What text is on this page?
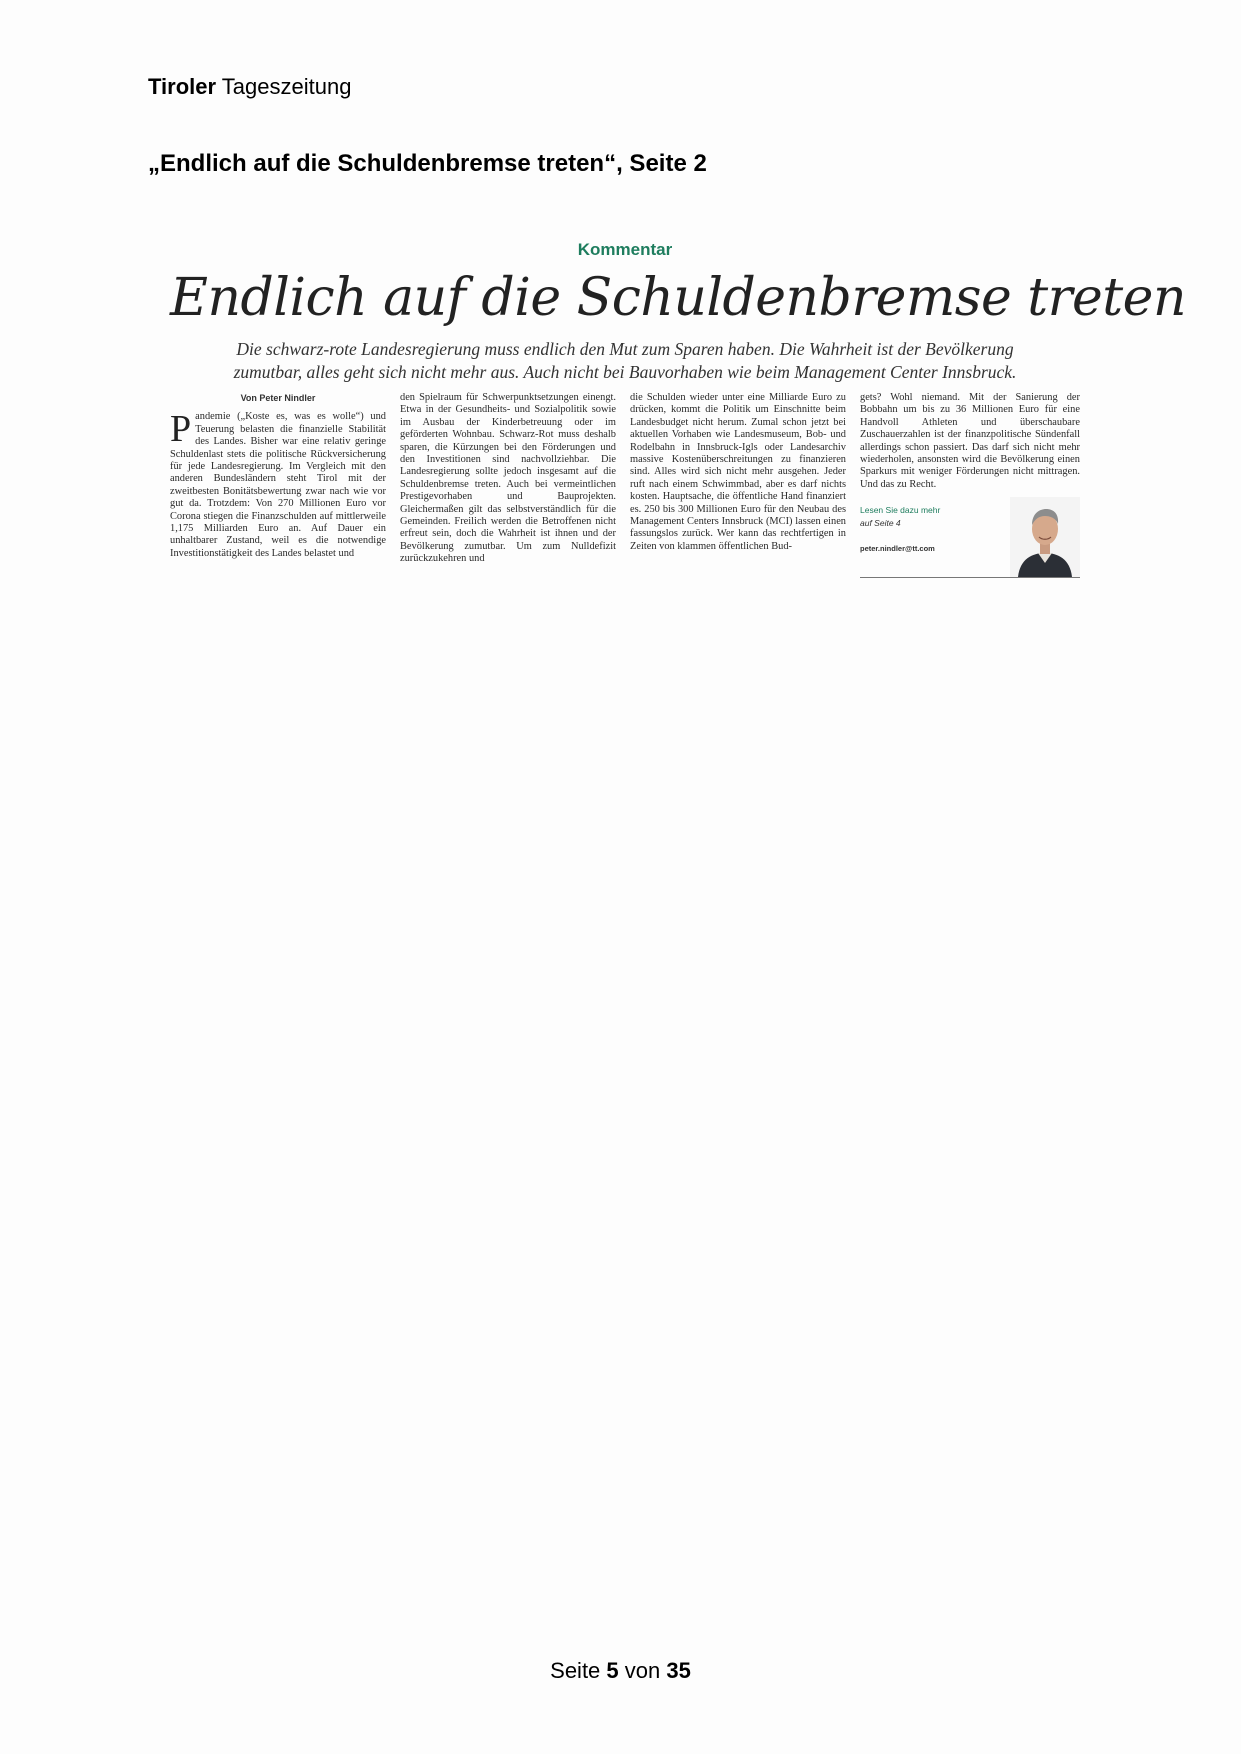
Tiroler Tageszeitung
„Endlich auf die Schuldenbremse treten“, Seite 2
Kommentar
Endlich auf die Schuldenbremse treten
Die schwarz-rote Landesregierung muss endlich den Mut zum Sparen haben. Die Wahrheit ist der Bevölkerung zumutbar, alles geht sich nicht mehr aus. Auch nicht bei Bauvorhaben wie beim Management Center Innsbruck.
Von Peter Nindler

Pandemie („Koste es, was es wolle“) und Teuerung belasten die finanzielle Stabilität des Landes. Bisher war eine relativ geringe Schuldenlast stets die politische Rückversicherung für jede Landesregierung. Im Vergleich mit den anderen Bundesländern steht Tirol mit der zweitbesten Bonitätsbewertung zwar nach wie vor gut da. Trotzdem: Von 270 Millionen Euro vor Corona stiegen die Finanzschulden auf mittlerweile 1,175 Milliarden Euro an. Auf Dauer ein unhaltbarer Zustand, weil es die notwendige Investitionstätigkeit des Landes belastet und

den Spielraum für Schwerpunktsetzungen einengt. Etwa in der Gesundheits- und Sozialpolitik sowie im Ausbau der Kinderbetreuung oder im geförderten Wohnbau. Schwarz-Rot muss deshalb sparen, die Kürzungen bei den Förderungen und den Investitionen sind nachvollziehbar. Die Landesregierung sollte jedoch insgesamt auf die Schuldenbremse treten. Auch bei vermeintlichen Prestigevorhaben und Bauprojekten. Gleichermaßen gilt das selbstverständlich für die Gemeinden. Freilich werden die Betroffenen nicht erfreut sein, doch die Wahrheit ist ihnen und der Bevölkerung zumutbar. Um zum Nulldefizit zurückzukehren und

die Schulden wieder unter eine Milliarde Euro zu drücken, kommt die Politik um Einschnitte beim Landesbudget nicht herum. Zumal schon jetzt bei aktuellen Vorhaben wie Landesmuseum, Bob- und Rodelbahn in Innsbruck-Igls oder Landesarchiv massive Kostenüberschreitungen zu finanzieren sind. Alles wird sich nicht mehr ausgehen. Jeder ruft nach einem Schwimmbad, aber es darf nichts kosten. Hauptsache, die öffentliche Hand finanziert es. 250 bis 300 Millionen Euro für den Neubau des Management Centers Innsbruck (MCI) lassen einen fassungslos zurück. Wer kann das rechtfertigen in Zeiten von klammen öffentlichen Bud-

gets? Wohl niemand. Mit der Sanierung der Bobbahn um bis zu 36 Millionen Euro für eine Handvoll Athleten und überschaubare Zuschauerzahlen ist der finanzpolitische Sündenfall allerdings schon passiert. Das darf sich nicht mehr wiederholen, ansonsten wird die Bevölkerung einen Sparkurs mit weniger Förderungen nicht mittragen. Und das zu Recht.

Lesen Sie dazu mehr
auf Seite 4
peter.nindler@tt.com
Seite 5 von 35
